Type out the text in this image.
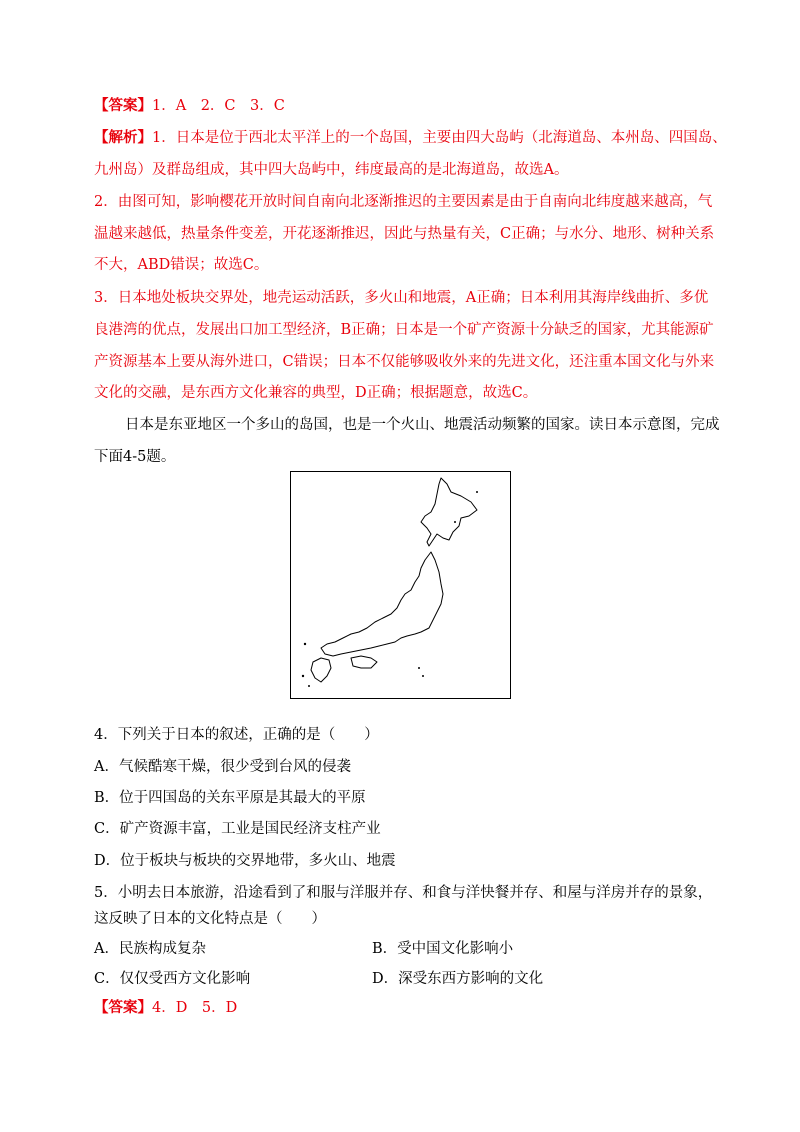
【答案】1．A　2．C　3．C
【解析】1．日本是位于西北太平洋上的一个岛国，主要由四大岛屿（北海道岛、本州岛、四国岛、
九州岛）及群岛组成，其中四大岛屿中，纬度最高的是北海道岛，故选A。
2．由图可知，影响樱花开放时间自南向北逐渐推迟的主要因素是由于自南向北纬度越来越高，气
温越来越低，热量条件变差，开花逐渐推迟，因此与热量有关，C正确；与水分、地形、树种关系
不大，ABD错误；故选C。
3．日本地处板块交界处，地壳运动活跃，多火山和地震，A正确；日本利用其海岸线曲折、多优
良港湾的优点，发展出口加工型经济，B正确；日本是一个矿产资源十分缺乏的国家，尤其能源矿
产资源基本上要从海外进口，C错误；日本不仅能够吸收外来的先进文化，还注重本国文化与外来
文化的交融，是东西方文化兼容的典型，D正确；根据题意，故选C。
日本是东亚地区一个多山的岛国，也是一个火山、地震活动频繁的国家。读日本示意图，完成
下面4-5题。
4．下列关于日本的叙述，正确的是（　　）
A．气候酷寒干燥，很少受到台风的侵袭
B．位于四国岛的关东平原是其最大的平原
C．矿产资源丰富，工业是国民经济支柱产业
D．位于板块与板块的交界地带，多火山、地震
5．小明去日本旅游，沿途看到了和服与洋服并存、和食与洋快餐并存、和屋与洋房并存的景象，
这反映了日本的文化特点是（　　）
A．民族构成复杂	B．受中国文化影响小
C．仅仅受西方文化影响	D．深受东西方影响的文化
【答案】4．D　5．D
